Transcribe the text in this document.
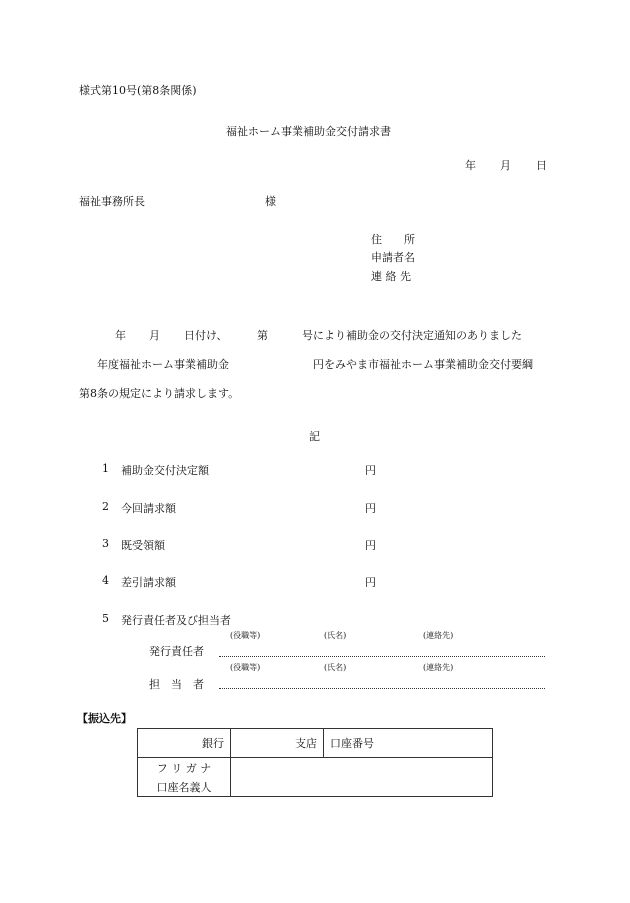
様式第10号(第8条関係)
福祉ホーム事業補助金交付請求書
年 月 日
福祉事務所長	様
住　　所
申請者名
連 絡 先
年 月 日付け、	第	号により補助金の交付決定通知のありました
年度福祉ホーム事業補助金	円をみやま市福祉ホーム事業補助金交付要綱
第8条の規定により請求します。
記
1 補助金交付決定額	円
2 今回請求額	円
3 既受領額	円
4 差引請求額	円
5 発行責任者及び担当者
(役職等)	(氏名)	(連絡先)
発行責任者
(役職等)	(氏名)	(連絡先)
担　当　者
【振込先】
銀行	支店	口座番号
フ リ ガ ナ		
口座名義人		
